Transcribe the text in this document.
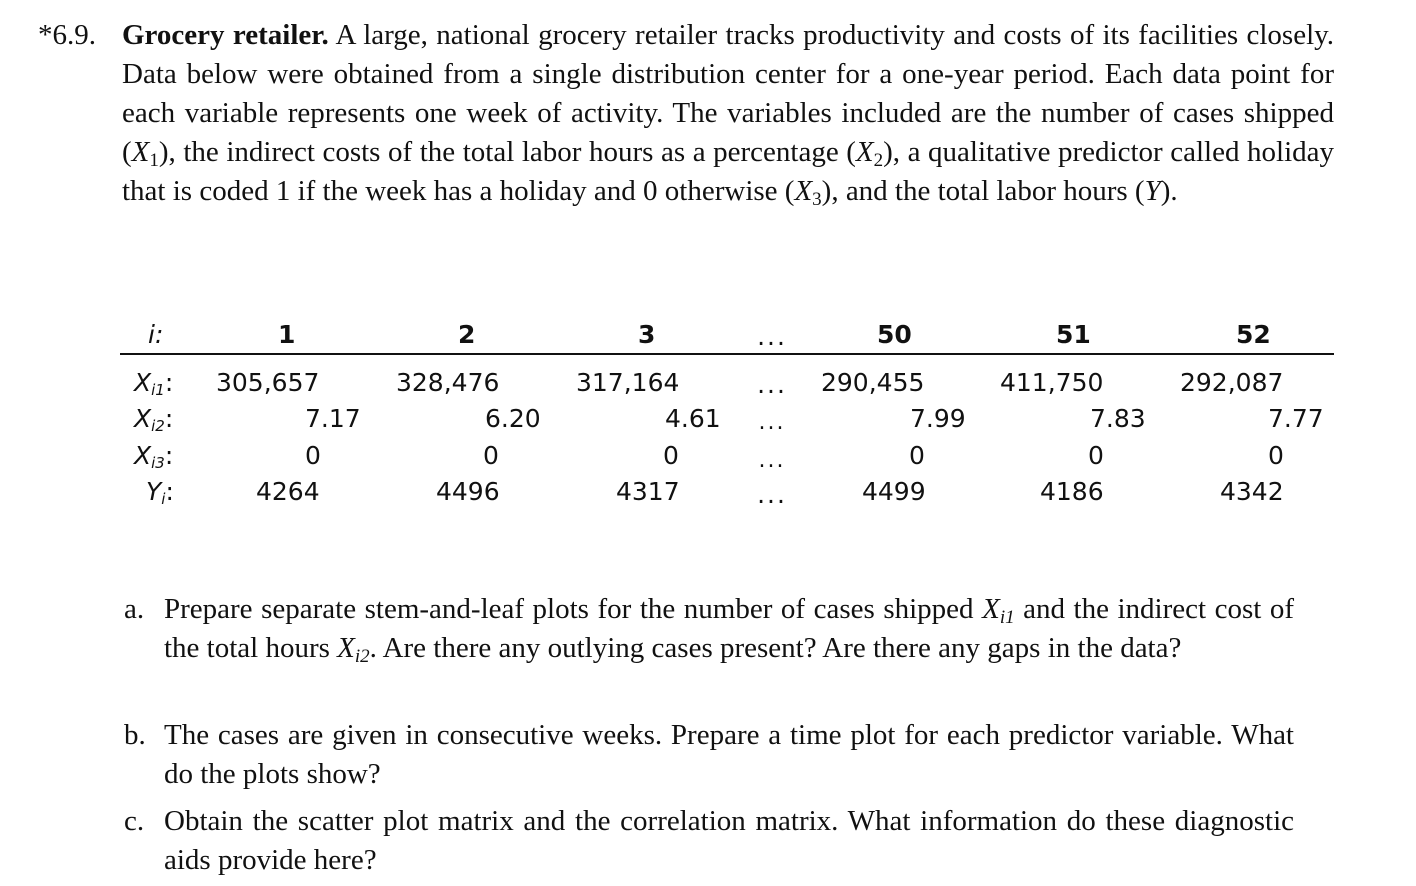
*6.9. Grocery retailer. A large, national grocery retailer tracks productivity and costs of its facilities closely. Data below were obtained from a single distribution center for a one-year period. Each data point for each variable represents one week of activity. The variables included are the number of cases shipped $(X_1)$, the indirect costs of the total labor hours as a percentage $(X_2)$, a qualitative predictor called holiday that is coded 1 if the week has a holiday and 0 otherwise $(X_3)$, and the total labor hours (Y).
i:	1	2	3	...	50	51	52
$X_{i1}$: 305,657	328,476	317,164	... 290,455	411,750	292,087
$X_{i2}$:	7.17	6.20	4.61 ...	7.99	7.83	7.77
$X_{i3}$:	0	0	0	...	0	0	0
$Y_i$:	4264	4496	4317	...	4499	4186	4342
a. Prepare separate stem-and-leaf plots for the number of cases shipped $X_{i1}$ and the indirect cost of the total hours $X_{i2}$. Are there any outlying cases present? Are there any gaps in the data?
b. The cases are given in consecutive weeks. Prepare a time plot for each predictor variable. What do the plots show?
c. Obtain the scatter plot matrix and the correlation matrix. What information do these diagnostic aids provide here?
